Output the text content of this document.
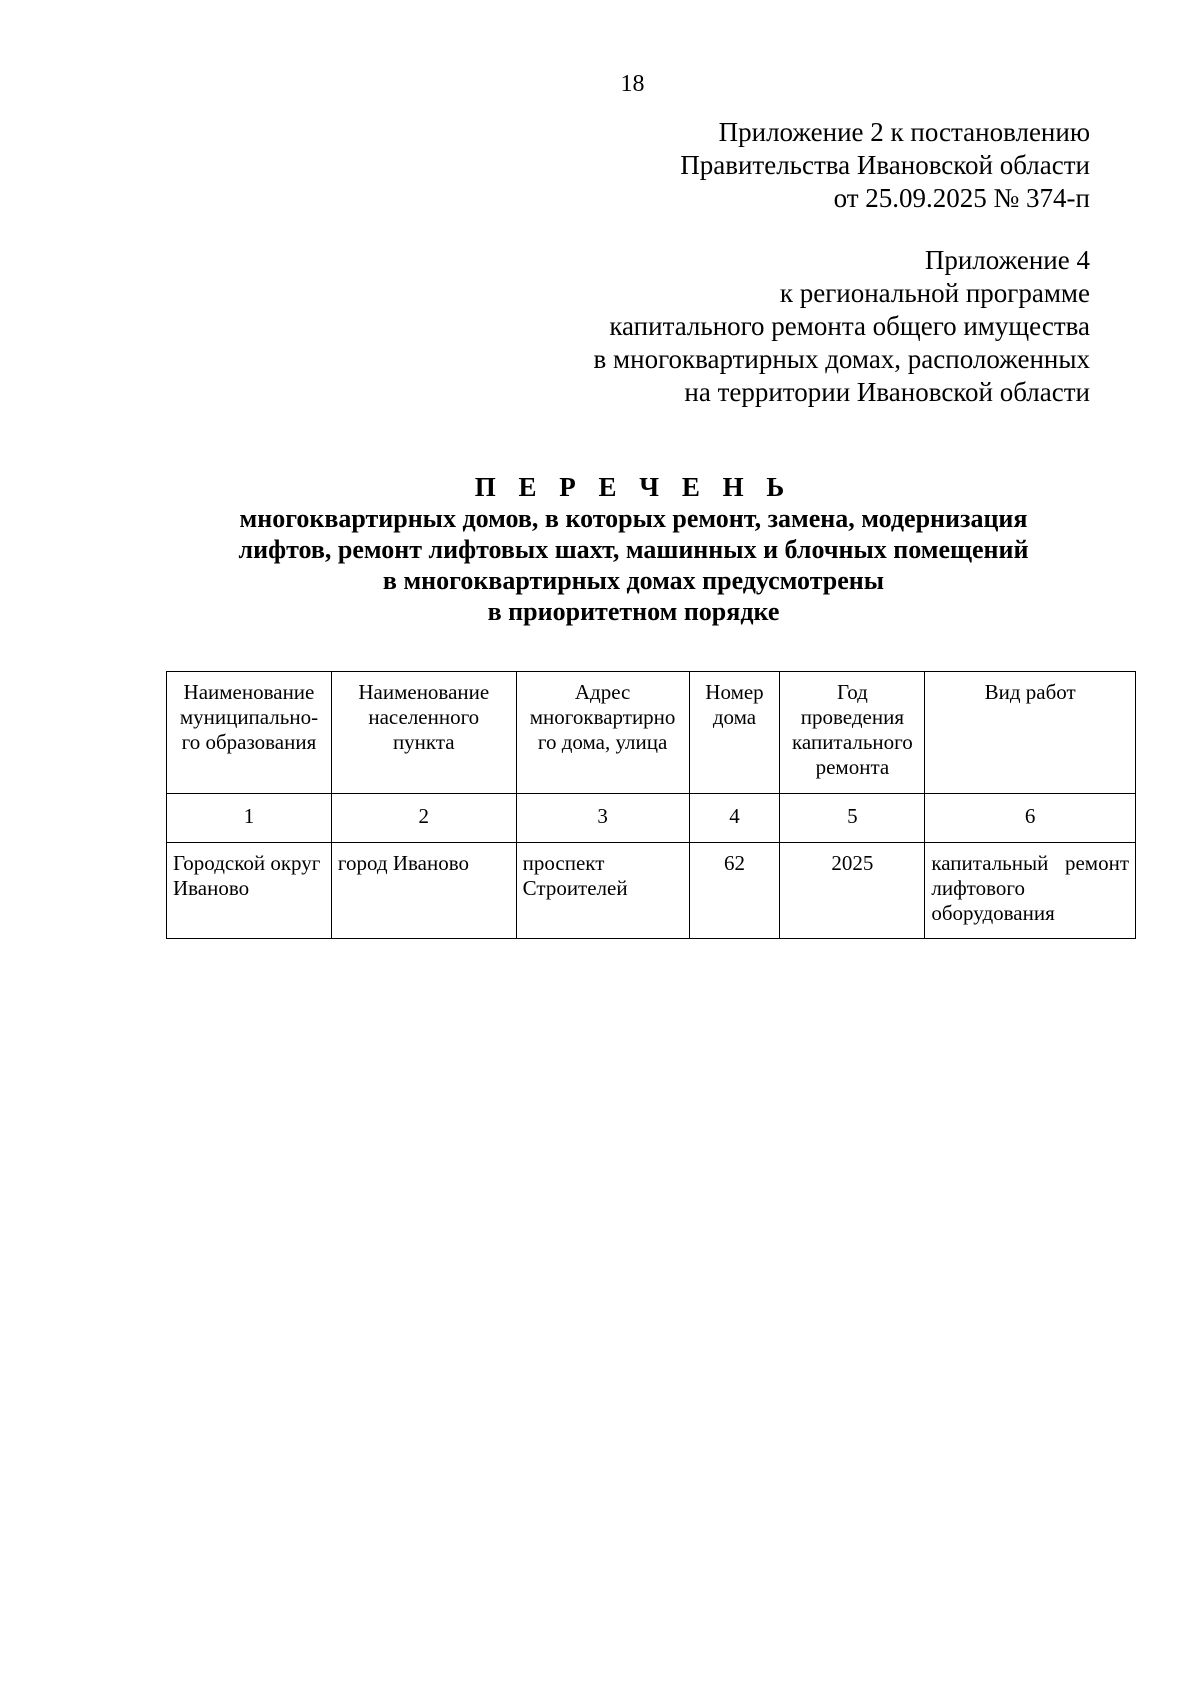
18
Приложение 2 к постановлению
Правительства Ивановской области
от 25.09.2025 № 374-п
Приложение 4
к региональной программе
капитального ремонта общего имущества
в многоквартирных домах, расположенных
на территории Ивановской области
П Е Р Е Ч Е Н Ь
многоквартирных домов, в которых ремонт, замена, модернизация
лифтов, ремонт лифтовых шахт, машинных и блочных помещений
в многоквартирных домах предусмотрены
в приоритетном порядке
Наименование муниципально-го образования	Наименование населенного пункта	Адрес многоквартирно го дома, улица	Номер дома	Год проведения капитального ремонта	Вид работ
1	2	3	4	5	6
Городской округ Иваново	город Иваново	проспект Строителей	62	2025	капитальный ремонт лифтового оборудования
